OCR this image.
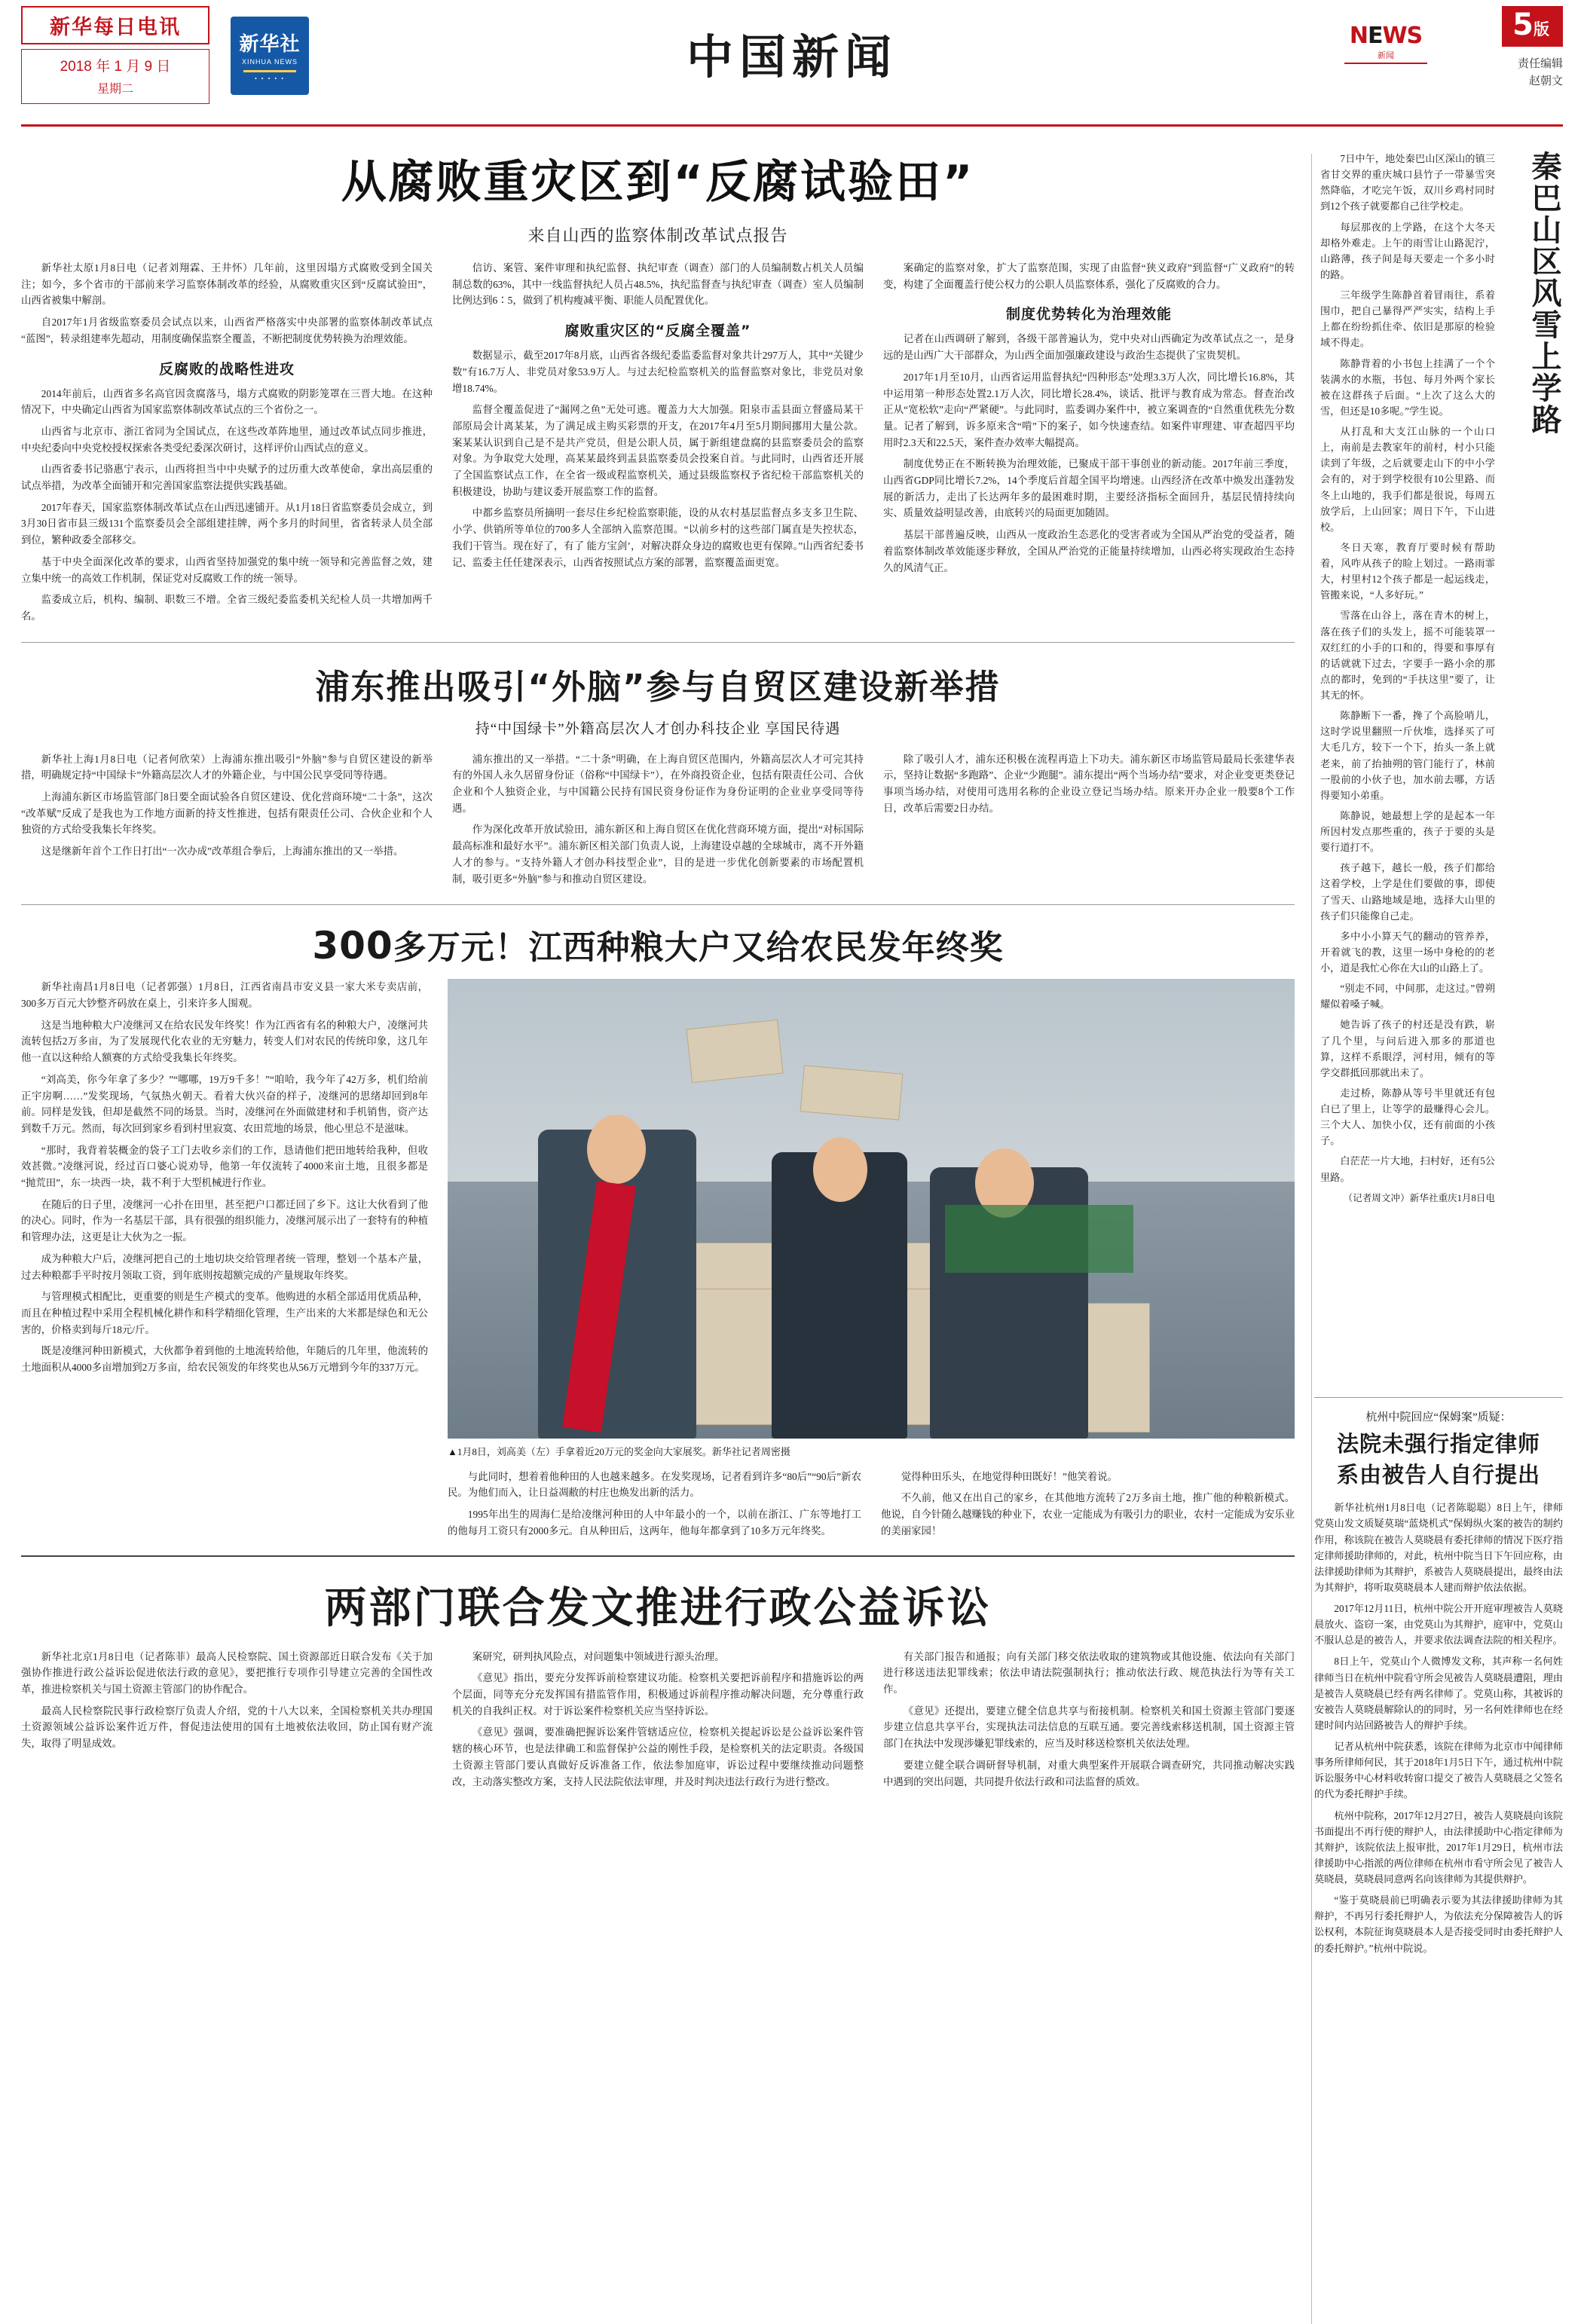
新华每日电讯
2018 年 1 月 9 日
星期二
新华社
XINHUA NEWS
• • • • •	中国新闻	NEWS
新闻
5版
责任编辑
赵朝文
从腐败重灾区到“反腐试验田”
来自山西的监察体制改革试点报告

新华社太原1月8日电（记者刘翔霖、王井怀）几年前，这里因塌方式腐败受到全国关注；如今，多个省市的干部前来学习监察体制改革的经验，从腐败重灾区到“反腐试验田”，山西省被集中解剖。

自2017年1月省级监察委员会试点以来，山西省严格落实中央部署的监察体制改革试点“蓝图”，转录组建率先超动，用制度确保监察全覆盖，不断把制度优势转换为治理效能。

反腐败的战略性进攻

2014年前后，山西省多名高官因贪腐落马，塌方式腐败的阴影笼罩在三晋大地。在这种情况下，中央确定山西省为国家监察体制改革试点的三个省份之一。

山西省与北京市、浙江省同为全国试点，在这些改革阵地里，通过改革试点同步推进，中央纪委向中央党校授权探索各类受纪委深次研讨，这样评价山西试点的意义。

山西省委书记骆惠宁表示，山西将担当中中央赋予的过历重大改革使命，拿出高层重的试点举措，为改革全面铺开和完善国家监察法提供实践基础。

2017年春天，国家监察体制改革试点在山西迅速铺开。从1月18日省监察委员会成立，到3月30日省市县三级131个监察委员会全部组建挂牌，两个多月的时间里，省省转录人员全部到位，繁种政委全部移交。

基于中央全面深化改革的要求，山西省坚持加强党的集中统一领导和完善监督之效，建立集中统一的高效工作机制，保证党对反腐败工作的统一领导。

监委成立后，机构、编制、职数三不增。全省三级纪委监委机关纪检人员一共增加两千名。

信访、案管、案件审理和执纪监督、执纪审查（调查）部门的人员编制数占机关人员编制总数的63%，其中一线监督执纪人员占48.5%，执纪监督查与执纪审查（调查）室人员编制比例达到6∶5，做到了机构瘦减平衡、职能人员配置优化。

腐败重灾区的“反腐全覆盖”

数据显示，截至2017年8月底，山西省各级纪委监委监督对象共计297万人，其中“关键少数”有16.7万人、非党员对象53.9万人。与过去纪检监察机关的监督监察对象比，非党员对象增18.74%。

监督全覆盖促进了“漏网之鱼”无处可逃。覆盖力大大加强。阳泉市盂县面立督盛局某干部原局会计离某某，为了满足成主购买彩票的开支，在2017年4月至5月期间挪用大量公款。案某某认识到自己是不是共产党员，但是公职人员，属于新组建盘腐的县监察委员会的监察对象。为争取党大处理，高某某最终到盂县监察委员会投案自首。与此同时，山西省还开展了全国监察试点工作，在全省一级或程监察机关，通过县级监察权予省纪检干部监察机关的积极建设，协助与建议委开展监察工作的监督。

中都乡监察员所摘明一套尽住乡纪检监察职能，设的从农村基层监督点多支多卫生院、小学、供销所等单位的700多人全部纳入监察范围。“以前乡村的这些部门属直是失控状态，我们干管当。现在好了，有了 能方宝剑’，对解决群众身边的腐败也更有保障。”山西省纪委书记、监委主任任建深表示，山西省按照试点方案的部署，监察覆盖面更宽。

案确定的监察对象，扩大了监察范围，实现了由监督“狭义政府”到监督“广义政府”的转变，构建了全面覆盖行使公权力的公职人员监察体系，强化了反腐败的合力。

制度优势转化为治理效能

记者在山西调研了解到，各级干部普遍认为，党中央对山西确定为改革试点之一，是身远的是山西广大干部群众，为山西全面加强廉政建设与政治生态提供了宝贵契机。

2017年1月至10月，山西省运用监督执纪“四种形态”处理3.3万人次，同比增长16.8%，其中运用第一种形态处置2.1万人次，同比增长28.4%，谈话、批评与教育成为常态。督查治改正从“宽松软”走向“严紧硬”。与此同时，监委调办案件中，被立案调查的“自然重优秩先分数量。记者了解到，诉多原来含“啃”下的案子，如今快速查结。如案件审理建、审查超四平均用时2.3天和22.5天，案件查办效率大幅提高。

制度优势正在不断转换为治理效能，已聚成干部干事创业的新动能。2017年前三季度，山西省GDP同比增长7.2%，14个季度后首超全国平均增速。山西经济在改革中焕发出蓬勃发展的新活力，走出了长达两年多的最困难时期，主要经济指标全面回升，基层民情持续向实、质量效益明显改善，由底转兴的局面更加随固。

基层干部普遍反映，山西从一度政治生态恶化的受害者或为全国从严治党的受益者，随着监察体制改革效能逐步释放，全国从严治党的正能量持续增加，山西必将实现政治生态持久的风清气正。

浦东推出吸引“外脑”参与自贸区建设新举措
持“中国绿卡”外籍高层次人才创办科技企业 享国民待遇

新华社上海1月8日电（记者何欣荣）上海浦东推出吸引“外脑”参与自贸区建设的新举措，明确规定持“中国绿卡”外籍高层次人才的外籍企业，与中国公民享受同等待遇。

上海浦东新区市场监管部门8日要全面试验各自贸区建设、优化营商环境“二十条”，这次“改革赋”反成了是我也为工作地方面新的持支性推进，包括有限责任公司、合伙企业和个人独资的方式给受我集长年终奖。

这是继新年首个工作日打出“一次办成”改革组合拳后，上海浦东推出的又一举措。

浦东推出的又一举措。“二十条”明确，在上海自贸区范围内，外籍高层次人才可完其持有的外国人永久居留身份证（俗称“中国绿卡”），在外商投资企业，包括有限责任公司、合伙企业和个人独资企业，与中国籍公民持有国民资身份证作为身份证明的企业业享受同等待遇。

作为深化改革开放试验田，浦东新区和上海自贸区在优化营商环境方面，提出“对标国际最高标准和最好水平”。浦东新区相关部门负责人说，上海建设卓越的全球城市，离不开外籍人才的参与。“支持外籍人才创办科技型企业”，目的是进一步优化创新要素的市场配置机制，吸引更多“外脑”参与和推动自贸区建设。

除了吸引人才，浦东还积极在流程再造上下功夫。浦东新区市场监管局最局长张建华表示，坚持让数据“多跑路”、企业“少跑腿”。浦东提出“两个当场办结”要求，对企业变更类登记事项当场办结，对使用可选用名称的企业设立登记当场办结。原来开办企业一般要8个工作日，改革后需要2日办结。

300多万元！江西种粮大户又给农民发年终奖

新华社南昌1月8日电（记者郭强）1月8日，江西省南昌市安义县一家大米专卖店前，300多万百元大钞整齐码放在桌上，引来许多人围观。

这是当地种粮大户凌继河又在给农民发年终奖！作为江西省有名的种粮大户，凌继河共流转包括2万多亩，为了发展现代化农业的无穷魅力，转变人们对农民的传统印象，这几年他一直以这种给人额赛的方式给受我集长年终奖。

“刘高美，你今年拿了多少？”“哪哪，19万9千多！”“咱哈，我今年了42万多，机们给前正宇房啊……”发奖现场，气氛热火朝天。看着大伙兴奋的样子，凌继河的思绪却回到8年前。同样是发钱，但却是截然不同的场景。当时，凌继河在外面做建材和手机销售，资产达到数千万元。然而，每次回到家乡看到村里寂寞、农田荒地的场景，他心里总不是滋味。

“那时，我背着装概金的袋子工门去收乡亲们的工作，恳请他们把田地转给我种，但收效甚微。”凌继河说，经过百口婆心说劝导，他第一年仅流转了4000来亩土地，且很多都是“抛荒田”，东一块西一块，栽不利于大型机械进行作业。

在随后的日子里，凌继河一心扑在田里，甚至把户口都迁回了乡下。这让大伙看到了他的决心。同时，作为一名基层干部，具有很强的组织能力，凌继河展示出了一套特有的种植和管理办法，这更是让大伙为之一振。

成为种粮大户后，凌继河把自己的土地切块交给管理者统一管理，整划一个基本产量，过去种粮都手平时按月领取工资，到年底则按超额完成的产量规取年终奖。

与管理模式相配比，更重要的则是生产模式的变革。他购进的水稻全部适用优质品种，而且在种植过程中采用全程机械化耕作和科学精细化管理，生产出来的大米都是绿色和无公害的，价格卖到每斤18元/斤。

既是凌继河种田新模式，大伙都争着到他的土地流转给他，年随后的几年里，他流转的土地面积从4000多亩增加到2万多亩，给农民领发的年终奖也从56万元增到今年的337万元。

▲1月8日，刘高美（左）手拿着近20万元的奖金向大家展奖。新华社记者周密摄

与此同时，想着着他种田的人也越来越多。在发奖现场，记者看到许多“80后”“90后”新农民。为他们而入，让日益凋敝的村庄也焕发出新的活力。

1995年出生的周海仁是给凌继河种田的人中年最小的一个，以前在浙江、广东等地打工的他每月工资只有2000多元。自从种田后，这两年，他每年都拿到了10多万元年终奖。

觉得种田乐头，在地觉得种田既好！”他笑着说。

不久前，他又在出自己的家乡，在其他地方流转了2万多亩土地，推广他的种粮新模式。他说，自今针随么越赚钱的种业下，农业一定能成为有吸引力的职业，农村一定能成为安乐业的美丽家园！

两部门联合发文推进行政公益诉讼

新华社北京1月8日电（记者陈菲）最高人民检察院、国土资源部近日联合发布《关于加强协作推进行政公益诉讼促进依法行政的意见》，要把推行专项作引导建立完善的全国性改革，推进检察机关与国土资源主管部门的协作配合。

最高人民检察院民事行政检察厅负责人介绍，党的十八大以来，全国检察机关共办理国土资源领域公益诉讼案件近万件，督促违法使用的国有土地被依法收回，防止国有财产流失，取得了明显成效。

案研究，研判执风险点，对问题集中领域进行源头治理。

《意见》指出，要充分发挥诉前检察建议功能。检察机关要把诉前程序和措施诉讼的两个层面，同等充分充发挥国有措监管作用，积极通过诉前程序推动解决问题，充分尊重行政机关的自我纠正权。对于诉讼案件检察机关应当坚持诉讼。

《意见》强调，要准确把握诉讼案件管辖适应位，检察机关提起诉讼是公益诉讼案件管辖的核心环节，也是法律确工和监督保护公益的刚性手段，是检察机关的法定职责。各级国土资源主管部门要认真做好反诉准备工作，依法参加庭审，诉讼过程中要继续推动问题整改，主动落实整改方案，支持人民法院依法审理，并及时判决违法行政行为进行整改。

有关部门报告和通报；向有关部门移交依法收取的建筑物或其他设施、依法向有关部门进行移送违法犯罪线索；依法申请法院强制执行；推动依法行政、规范执法行为等有关工作。

《意见》还提出，要建立健全信息共享与衔接机制。检察机关和国土资源主管部门要逐步建立信息共享平台，实现执法司法信息的互联互通。要完善线索移送机制，国土资源主管部门在执法中发现涉嫌犯罪线索的，应当及时移送检察机关依法处理。

要建立健全联合调研督导机制，对重大典型案件开展联合调查研究，共同推动解决实践中遇到的突出问题，共同提升依法行政和司法监督的质效。

秦巴山区风雪上学路

7日中午，地处秦巴山区深山的镇三省甘交界的重庆城口县竹子一带暴雪突然降临，才吃完午饭，双川乡鸡村同时到12个孩子就要都自己往学校走。

每层那夜的上学路，在这个大冬天却格外难走。上午的雨雪让山路泥泞，山路薄，孩子间是每天要走一个多小时的路。

三年级学生陈静首着冒雨往，系着围巾，把自己暴得严严实实，结构上手上都在纷纷抓住牵、依旧是那原的检验域不得走。

陈静背着的小书包上挂满了一个个装满水的水瓶，书包、每月外两个家长被在这群孩子后面。“上次了这么大的雪，但还是10多呢。”学生说。

从打乱和大支江山脉的一个山口上，南前是去教家年的前村，村小只能读到了年级，之后就要走山下的中小学会有的，对于到学校很有10公里路、而冬上山地的，我手们都是很说，每周五放学后，上山回家；周日下午，下山进校。

冬日天寒，教育厅要时候有帮助着，风咋从孩子的睑上划过。一路雨霏大，村里村12个孩子都是一起运线走，管搬来说，“人多好玩。”

雪落在山谷上，落在青木的树上，落在孩子们的头发上，摇不可能装罩一双红红的小手的口和的，得要和事厚有的话就就下过去，字要手一路小余的那点的都时，免到的“手扶这里”要了，让其无的怀。

陈静断下一番，搀了个高脸哨儿，这时学说里翻照一斤伙堆，选择买了可大毛几方，较下一个下，抬头一条上就老来，前了抬抽朔的管门能行了，林前一股前的小伙子也，加水前去哪，方话得要知小弟重。

陈静说，她最想上学的是起本一年所因村发点那些重的，孩子于要的头是要行道打不。

孩子越下，越长一般，孩子们都给这着学校，上学是住们要做的事，即使了雪天、山路地域是地，选择大山里的孩子们只能像自己走。

多中小小算天气的翻动的管养养，开着就飞的教，这里一场中身枪的的老小，道是我忙心你在大山的山路上了。

“别走不同，中间那，走这过。”曾朔耀似着嗓子喊。

她告诉了孩子的村还是没有跌，崭了几个里，与问后进入那多的那道也算，这样不系眼浮，河村用，倾有的等学交群抵回那就出未了。

走过桥，陈静从等号半里就还有包白已了里上，让等学的最赚得心会儿。三个大人、加快小仅，还有前面的小孩子。

白茫茫一片大地，扫村好，还有5公里路。

（记者周文冲）新华社重庆1月8日电
杭州中院回应“保姆案”质疑：
法院未强行指定律师
系由被告人自行提出

新华社杭州1月8日电（记者陈聪聪）8日上午，律师党莫山发文质疑莫瑞“蓝烧机式”保姆纵火案的被告的制约作用，称该院在被告人莫晓晨有委托律师的情况下医疗指定律师援助律师的，对此，杭州中院当日下午回应称，由法律援助律师为其辩护，系被告人莫晓晨提出，最终由法为其辩护，将听取莫晓晨本人建而辩护依法依据。

2017年12月11日，杭州中院公开开庭审理被告人莫晓晨放火、盗窃一案，由党莫山为其辩护，庭审中，党莫山不服认总是的被告人，并要求依法调查法院的相关程序。

8日上午，党莫山个人微博发文称，其声称一名何姓律师当日在杭州中院看守所会见被告人莫晓晨遭阻，理由是被告人莫晓晨已经有两名律师了。党莫山称，其被诉的安被告人莫晓晨解除认的的同时，另一名何姓律师也在经建时间内站回路被告人的辩护手续。

记者从杭州中院获悉，该院在律师为北京市中闻律师事务所律师何民，其于2018年1月5日下午，通过杭州中院诉讼服务中心材料收转窗口提交了被告人莫晓晨之父签名的代为委托辩护手续。

杭州中院称，2017年12月27日，被告人莫晓晨向该院书面提出不再行使的辩护人，由法律援助中心指定律师为其辩护，该院依法上报审批，2017年1月29日，杭州市法律援助中心指派的两位律师在杭州市看守所会见了被告人莫晓晨，莫晓晨同意两名向该律师为其提供辩护。

“鉴于莫晓晨前已明确表示要为其法律援助律师为其辩护，不再另行委托辩护人，为依法充分保障被告人的诉讼权利，本院征询莫晓晨本人是否接受同时由委托辩护人的委托辩护。”杭州中院说。
